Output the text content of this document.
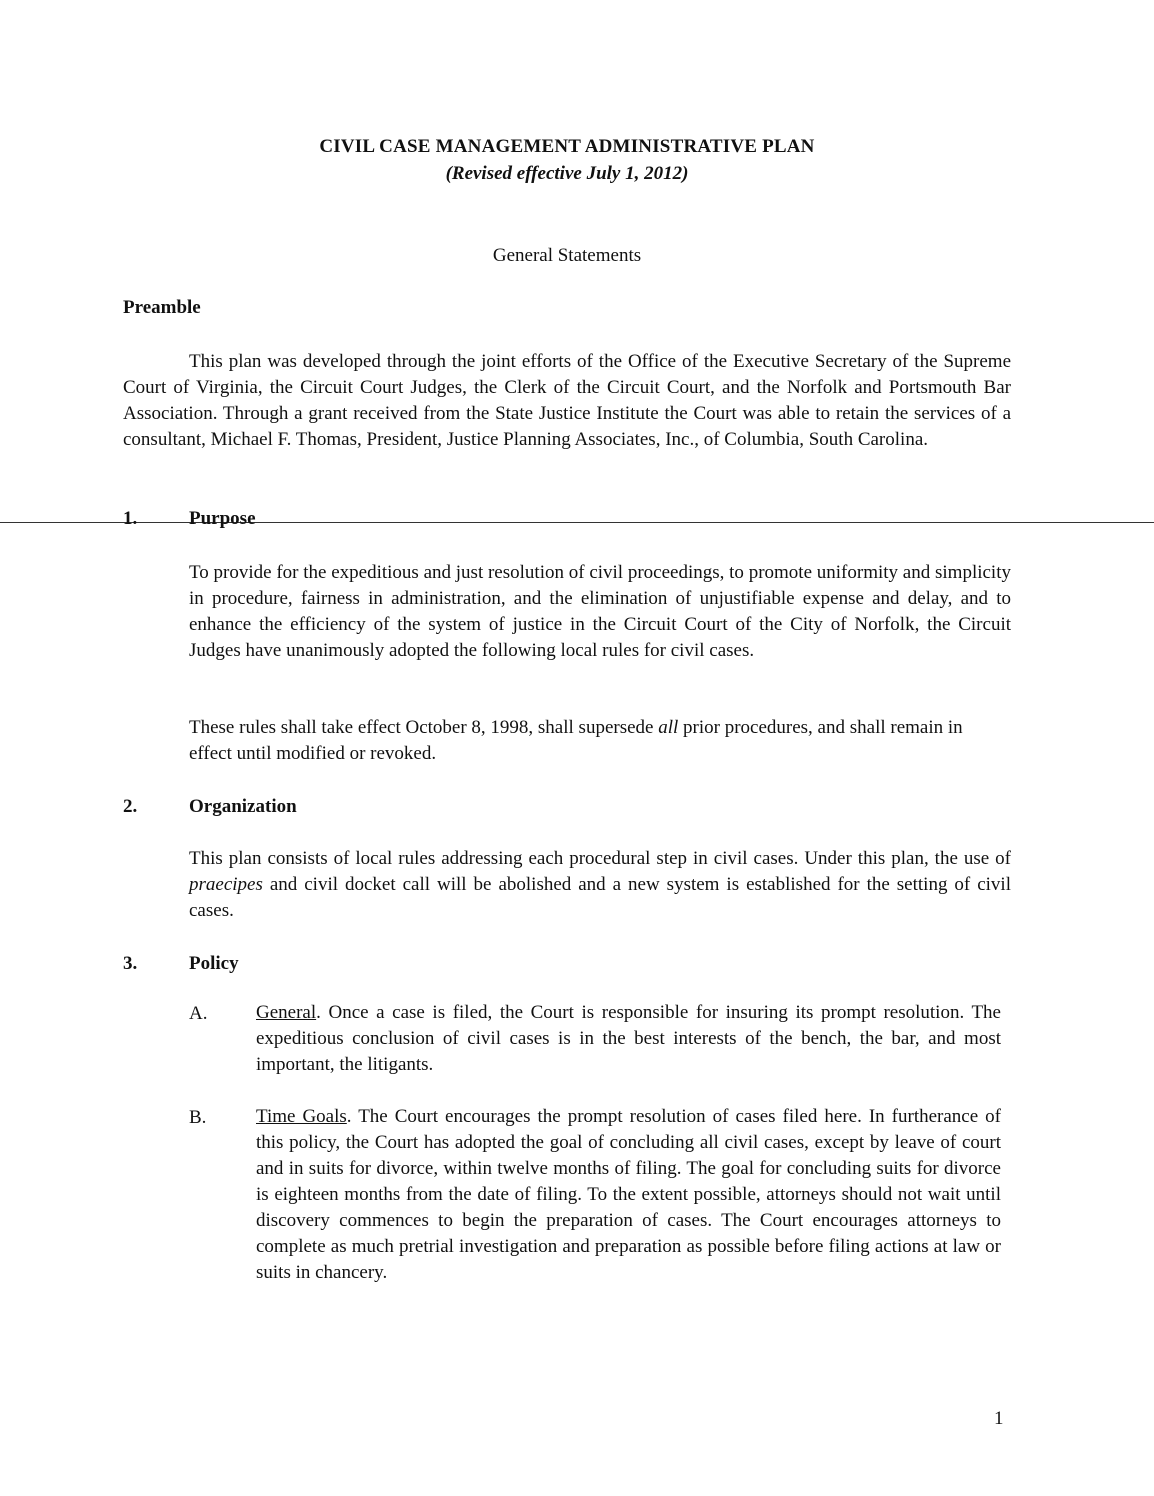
CIVIL CASE MANAGEMENT ADMINISTRATIVE PLAN
(Revised effective July 1, 2012)
General Statements
Preamble
This plan was developed through the joint efforts of the Office of the Executive Secretary of the Supreme Court of Virginia, the Circuit Court Judges, the Clerk of the Circuit Court, and the Norfolk and Portsmouth Bar Association. Through a grant received from the State Justice Institute the Court was able to retain the services of a consultant, Michael F. Thomas, President, Justice Planning Associates, Inc., of Columbia, South Carolina.
1.	Purpose
To provide for the expeditious and just resolution of civil proceedings, to promote uniformity and simplicity in procedure, fairness in administration, and the elimination of unjustifiable expense and delay, and to enhance the efficiency of the system of justice in the Circuit Court of the City of Norfolk, the Circuit Judges have unanimously adopted the following local rules for civil cases.
These rules shall take effect October 8, 1998, shall supersede all prior procedures, and shall remain in effect until modified or revoked.
2.	Organization
This plan consists of local rules addressing each procedural step in civil cases. Under this plan, the use of praecipes and civil docket call will be abolished and a new system is established for the setting of civil cases.
3.	Policy
A.	General. Once a case is filed, the Court is responsible for insuring its prompt resolution. The expeditious conclusion of civil cases is in the best interests of the bench, the bar, and most important, the litigants.
B.	Time Goals. The Court encourages the prompt resolution of cases filed here. In furtherance of this policy, the Court has adopted the goal of concluding all civil cases, except by leave of court and in suits for divorce, within twelve months of filing. The goal for concluding suits for divorce is eighteen months from the date of filing. To the extent possible, attorneys should not wait until discovery commences to begin the preparation of cases. The Court encourages attorneys to complete as much pretrial investigation and preparation as possible before filing actions at law or suits in chancery.
1
